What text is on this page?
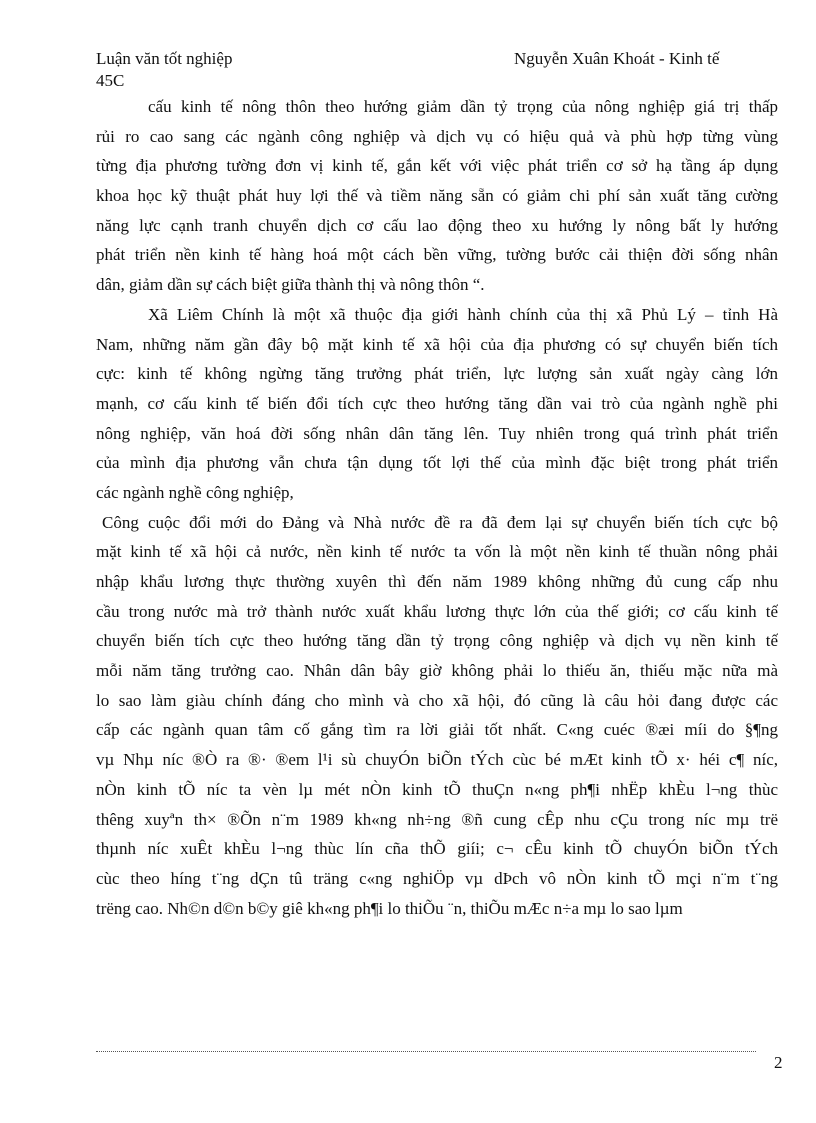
Luận văn tốt nghiệp	Nguyễn Xuân Khoát - Kinh tế
45C
cấu kinh tế nông thôn theo hướng giảm dần tỷ trọng của nông nghiệp giá trị thấp
rủi ro cao sang các ngành công nghiệp và dịch vụ có hiệu quả và phù hợp từng vùng
từng địa phương tường đơn vị kinh tế, gắn kết với việc phát triển cơ sở hạ tầng áp dụng
khoa học kỹ thuật phát huy lợi thế và tiềm năng sẵn có giảm chi phí sản xuất tăng cường
năng lực cạnh tranh chuyển dịch cơ cấu lao động theo xu hướng ly nông bất ly hướng
phát triển nền kinh tế hàng hoá một cách bền vững, tường bước cải thiện đời sống nhân
dân, giảm dần sự cách biệt giữa thành thị và nông thôn “.
Xã Liêm Chính là một xã thuộc địa giới hành chính của thị xã Phủ Lý – tỉnh Hà
Nam, những năm gần đây bộ mặt kinh tế xã hội của địa phương có sự chuyển biến tích
cực: kinh tế không ngừng tăng trưởng phát triển, lực lượng sản xuất ngày càng lớn
mạnh, cơ cấu kinh tế biến đổi tích cực theo hướng tăng dần vai trò của ngành nghề phi
nông nghiệp, văn hoá đời sống nhân dân tăng lên. Tuy nhiên trong quá trình phát triển
của mình địa phương vẫn chưa tận dụng tốt lợi thế của mình đặc biệt trong phát triển
các ngành nghề công nghiệp,
Công cuộc đổi mới do Đảng và Nhà nước đề ra đã đem lại sự chuyển biến tích cực bộ
mặt kinh tế xã hội cả nước, nền kinh tế nước ta vốn là một nền kinh tế thuần nông phải
nhập khẩu lương thực thường xuyên thì đến năm 1989 không những đủ cung cấp nhu
cầu trong nước mà trở thành nước xuất khẩu lương thực lớn của thế giới; cơ cấu kinh tế
chuyển biến tích cực theo hướng tăng dần tỷ trọng công nghiệp và dịch vụ nền kinh tế
mỗi năm tăng trưởng cao. Nhân dân bây giờ không phải lo thiếu ăn, thiếu mặc nữa mà
lo sao làm giàu chính đáng cho mình và cho xã hội, đó cũng là câu hỏi đang được các
cấp các ngành quan tâm cố gắng tìm ra lời giải tốt nhất. C«ng cuéc ®æi míi do §¶ng
vµ Nhµ níc ®Ò ra ®· ®em l¹i sù chuyÓn biÕn tÝch cùc bé mÆt kinh tÕ x· héi c¶ níc,
nÒn kinh tÕ níc ta vèn lµ mét nÒn kinh tÕ thuÇn n«ng ph¶i nhËp khÈu l¬ng thùc
thêng xuyªn th× ®Õn n¨m 1989 kh«ng nh÷ng ®ñ cung cÊp nhu cÇu trong níc mµ trë
thµnh níc xuÊt khÈu l¬ng thùc lín cña thÕ giíi; c¬ cÊu kinh tÕ chuyÓn biÕn tÝch
cùc theo híng t¨ng dÇn tû träng c«ng nghiÖp vµ dÞch vô nÒn kinh tÕ mçi n¨m t¨ng
trëng cao. Nh©n d©n b©y giê kh«ng ph¶i lo thiÕu ¨n, thiÕu mÆc n÷a mµ lo sao lµm
2
